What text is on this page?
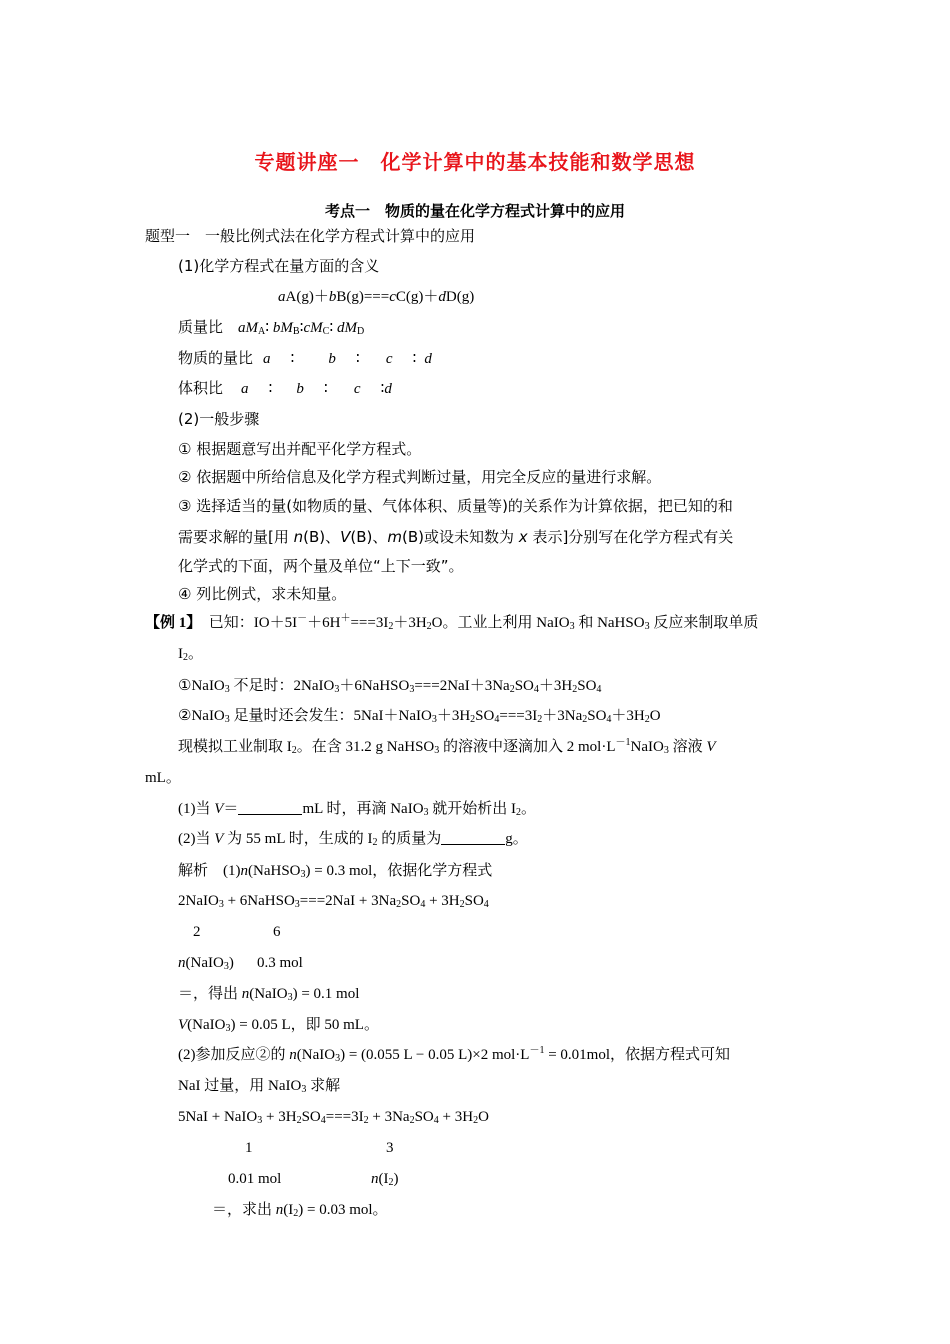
专题讲座一　化学计算中的基本技能和数学思想
考点一　物质的量在化学方程式计算中的应用
题型一　一般比例式法在化学方程式计算中的应用
(1)化学方程式在量方面的含义
aA(g)＋bB(g)===cC(g)＋dD(g)
质量比　 $aM_A∶$ $bM_B∶cM_C∶$ $dM_D$
物质的量比 a ∶ b ∶ c ∶ d
体积比 a ∶ b ∶ c ∶d
(2)一般步骤
① 根据题意写出并配平化学方程式。
② 依据题中所给信息及化学方程式判断过量，用完全反应的量进行求解。
③ 选择适当的量(如物质的量、气体体积、质量等)的关系作为计算依据，把已知的和
需要求解的量[用 n(B)、V(B)、m(B)或设未知数为 x 表示]分别写在化学方程式有关
化学式的下面，两个量及单位“上下一致”。
④ 列比例式，求未知量。
【例 1】　已知：$IO+5I^-+6H^+===3I_2+3H_2O$。工业上利用 NaIO$_3$ 和 NaHSO$_3$ 反应来制取单质
$I_2$。
①NaIO$_3$ 不足时：$2NaIO_3+6NaHSO_3===2NaI+3Na_2SO_4+3H_2SO_4$
②NaIO$_3$ 足量时还会发生：$5NaI+NaIO_3+3H_2SO_4===3I_2+3Na_2SO_4+3H_2O$
现模拟工业制取 $I_2$。在含 31.2 g NaHSO$_3$ 的溶液中逐滴加入 2 $mol\cdot L^{-1}NaIO_3$ 溶液 V
mL。
(1)当 V＝	mL 时，再滴 NaIO$_3$ 就开始析出 $I_2$。
(2)当 V 为 55 mL 时，生成的 $I_2$ 的质量为	g。
解析　(1)n(NaHSO$_3$) = 0.3 mol，依据化学方程式
2NaIO$_3$ + 6NaHSO$_3$===2NaI + $3Na_2SO_4 + 3H_2SO_4$
2	6
n(NaIO$_3$) 0.3 mol
＝，得出 n(NaIO$_3$) = 0.1 mol
V(NaIO$_3$) = 0.05 L，即 50 mL。
(2)参加反应②的 n(NaIO$_3$) = (0.055 L − 0.05 L)×2 $mol\cdot L^{-1} = 0.01mol$，依据方程式可知
NaI 过量，用 NaIO$_3$ 求解
5NaI + NaIO$_3$ + $3H_2SO_4===3I_2 + 3Na_2SO_4 + 3H_2O$
1	3
0.01 mol	$n(I_2)$
＝，求出 $n(I_2) = 0.03$ mol。
